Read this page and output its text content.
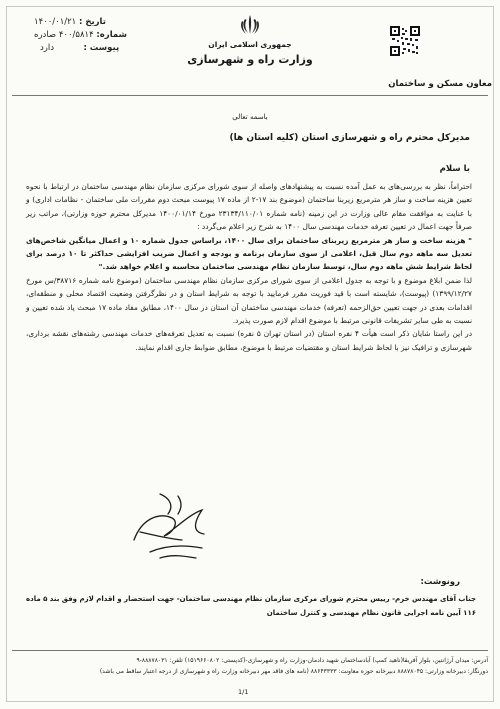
تاریخ : ۱۴۰۰/۰۱/۲۱
شماره: ۴۰۰/۵۸۱۴ صادره
پیوست :  دارد	جمهوری اسلامی ایران
وزارت راه و شهرسازی
معاون مسکن و ساختمان
باسمه تعالی
مدیرکل محترم راه و شهرسازی استان (کلیه استان ها)
با سلام

احتراماً، نظر به بررسی‌های به عمل آمده نسبت به پیشنهادهای واصله از سوی شورای مرکزی سازمان نظام مهندسی ساختمان در ارتباط با نحوه تعیین هزینه ساخت و ساز هر مترمربع زیربنا ساختمان (موضوع بند ۱۷-۲ از ماده ۱۷ پیوست مبحث دوم مقررات ملی ساختمان - نظامات اداری) و با عنایت به موافقت مقام عالی وزارت در این زمینه (نامه شماره ۲۳۱۳۴/۱۱۰/۰۱ مورخ ۱۴۰۰/۰۱/۱۴ مدیرکل محترم حوزه وزارتی)، مراتب زیر صرفاً جهت اعمال در تعیین تعرفه خدمات مهندسی سال ۱۴۰۰ به شرح زیر اعلام می‌گردد :

" هزینه ساخت و ساز هر مترمربع زیربنای ساختمان برای سال ۱۴۰۰، براساس جدول شماره ۱۰ و اعمال میانگین شاخص‌های تعدیل سه ماهه دوم سال قبل، اعلامی از سوی سازمان برنامه و بودجه و اعمال ضریب افزایشی حداکثر تا ۱۰ درصد برای لحاظ شرایط شش ماهه دوم سال، توسط سازمان نظام مهندسی ساختمان محاسبه و اعلام خواهد شد."

لذا ضمن ابلاغ موضوع و با توجه به جدول اعلامی از سوی شورای مرکزی سازمان نظام مهندسی ساختمان (موضوع نامه شماره ۳۸۷۱۶/س مورخ ۱۳۹۹/۱۲/۲۷) (پیوست)، شایسته است با قید فوریت مقرر فرمایید با توجه به شرایط استان و در نظرگرفتن وضعیت اقتصاد محلی و منطقه‌ای، اقدامات بعدی در جهت تعیین حق‌الزحمه (تعرفه) خدمات مهندسی ساختمان آن استان در سال ۱۴۰۰، مطابق مفاد ماده ۱۷ مبحث یاد شده تعیین و نسبت به طی سایر تشریفات قانونی مرتبط با موضوع اقدام لازم صورت پذیرد.

در این راستا شایان ذکر است هیأت ۴ نفره استان (در استان تهران ۵ نفره) نسبت به تعدیل تعرفه‌های خدمات مهندسی رشته‌های نقشه برداری، شهرسازی و ترافیک نیز با لحاظ شرایط استان و مقتضیات مرتبط با موضوع، مطابق ضوابط جاری اقدام نمایند.

رونوشت:
جناب آقای مهندس خرم- رییس محترم شورای مرکزی سازمان نظام مهندسی ساختمان- جهت استحضار و اقدام لازم وفق بند ۵ ماده ۱۱۶ آیین نامه اجرایی قانون نظام مهندسی و کنترل ساختمان
آدرس: میدان آرژانتین، بلوار آفریقا(ناهید کمپ) آباد‌ساختمان شهید دادمان-وزارت راه و شهرسازی-(کدپستی: ۱۵۱۹۶۶۰۸۰۲) تلفن: ۸۸۸۷۸۰۳۱-۹
دورنگار: دبیرخانه وزارتی: ۸۸۸۷۸۰۴۵ دبیرخانه حوزه معاونت: ۸۸۶۴۳۳۳۳ (نامه های فاقد مهر دبیرخانه وزارت راه و شهرسازی از درجه اعتبار ساقط می باشد)
1/1
